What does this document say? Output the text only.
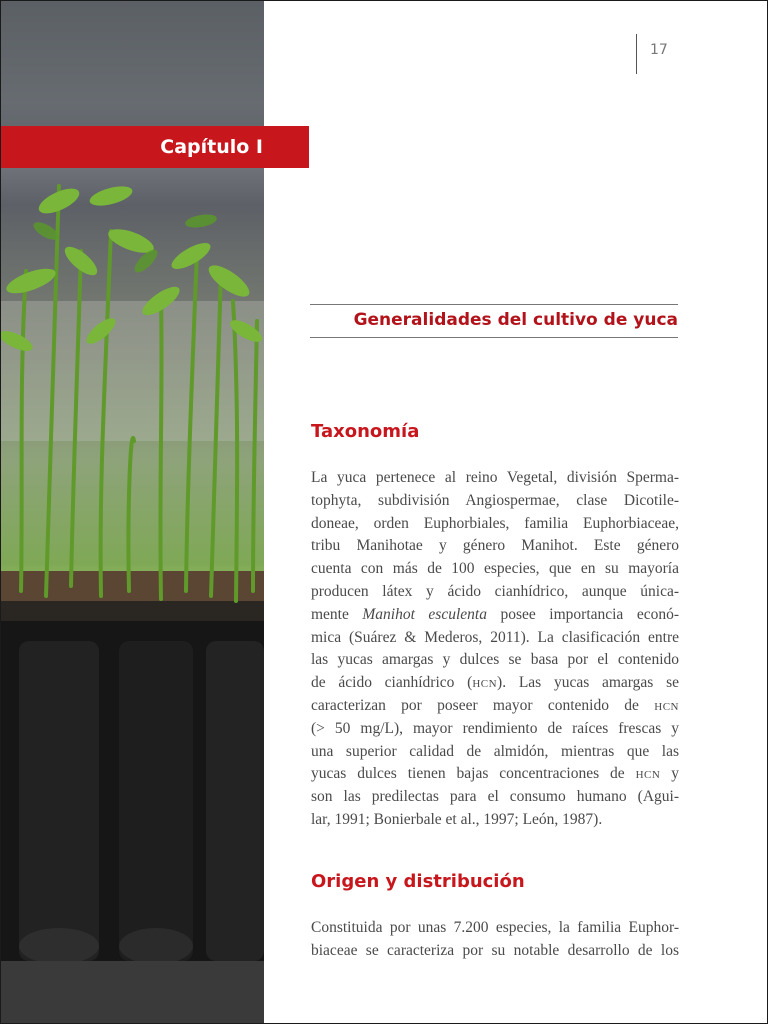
Capítulo I
17
Generalidades del cultivo de yuca
Taxonomía
La yuca pertenece al reino Vegetal, división Sperma-
tophyta, subdivisión Angiospermae, clase Dicotile-
doneae, orden Euphorbiales, familia Euphorbiaceae,
tribu Manihotae y género Manihot. Este género
cuenta con más de 100 especies, que en su mayoría
producen látex y ácido cianhídrico, aunque única-
mente Manihot esculenta posee importancia econó-
mica (Suárez & Mederos, 2011). La clasificación entre
las yucas amargas y dulces se basa por el contenido
de ácido cianhídrico (hcn). Las yucas amargas se
caracterizan por poseer mayor contenido de hcn
(> 50 mg/L), mayor rendimiento de raíces frescas y
una superior calidad de almidón, mientras que las
yucas dulces tienen bajas concentraciones de hcn y
son las predilectas para el consumo humano (Agui-
lar, 1991; Bonierbale et al., 1997; León, 1987).
Origen y distribución
Constituida por unas 7.200 especies, la familia Euphor-
biaceae se caracteriza por su notable desarrollo de los
